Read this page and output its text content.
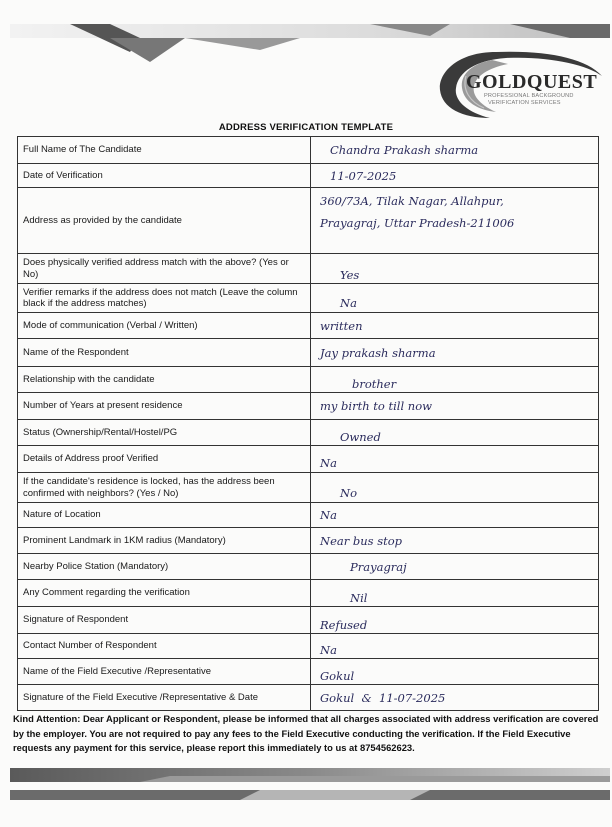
GOLDQUEST
PROFESSIONAL BACKGROUND
VERIFICATION SERVICES
ADDRESS VERIFICATION TEMPLATE
Full Name of The Candidate	Chandra Prakash sharma
Date of Verification	11-07-2025
Address as provided by the candidate	360/73A, Tilak Nagar, Allahpur,
Prayagraj, Uttar Pradesh-211006

Does physically verified address match with the above? (Yes or No)	Yes
Verifier remarks if the address does not match (Leave the column black if the address matches)	Na
Mode of communication (Verbal / Written)	written
Name of the Respondent	Jay prakash sharma
Relationship with the candidate	brother
Number of Years at present residence	my birth to till now
Status (Ownership/Rental/Hostel/PG	Owned
Details of Address proof Verified	Na
If the candidate's residence is locked, has the address been confirmed with neighbors? (Yes / No)	No
Nature of Location	Na
Prominent Landmark in 1KM radius (Mandatory)	Near bus stop
Nearby Police Station (Mandatory)	Prayagraj
Any Comment regarding the verification	Nil
Signature of Respondent	Refused
Contact Number of Respondent	Na
Name of the Field Executive /Representative	Gokul
Signature of the Field Executive /Representative & Date	Gokul  &  11-07-2025
Kind Attention: Dear Applicant or Respondent, please be informed that all charges associated with address verification are covered by the employer. You are not required to pay any fees to the Field Executive conducting the verification. If the Field Executive requests any payment for this service, please report this immediately to us at 8754562623.
